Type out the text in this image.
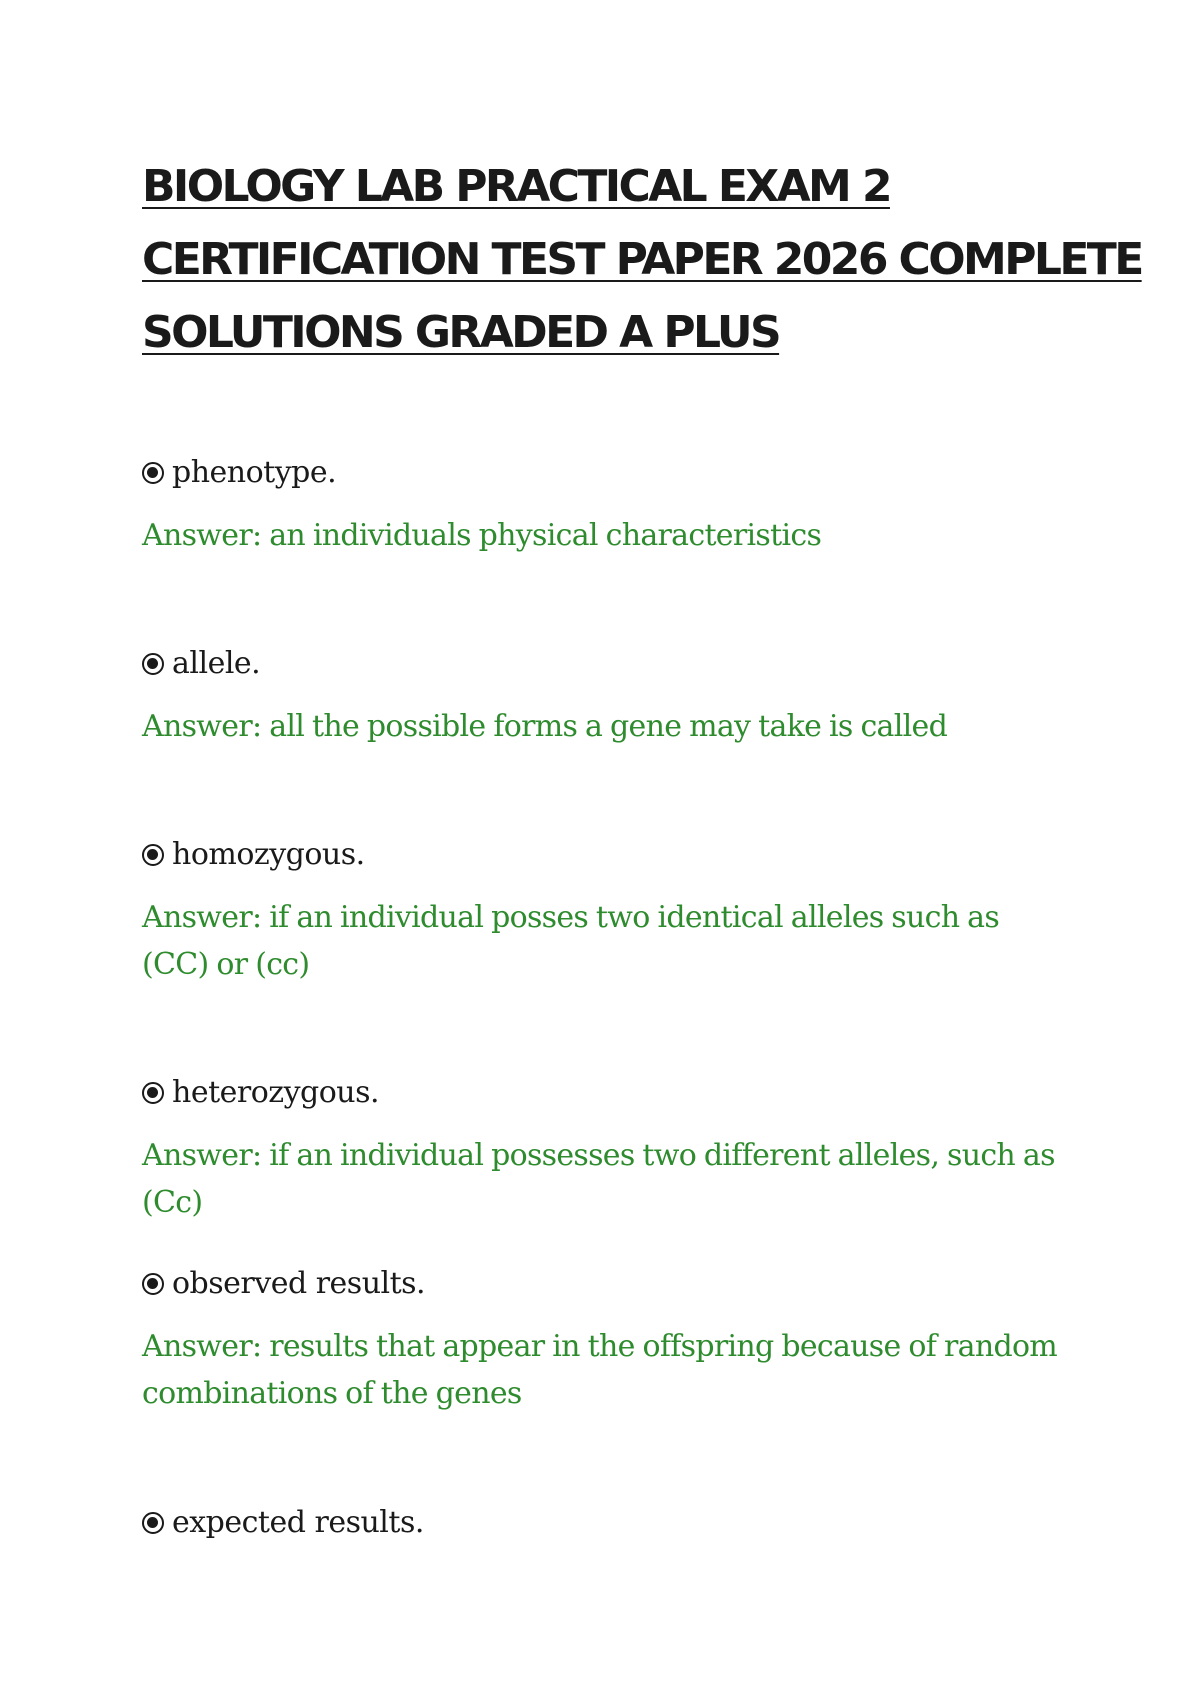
BIOLOGY LAB PRACTICAL EXAM 2
CERTIFICATION TEST PAPER 2026 COMPLETE
SOLUTIONS GRADED A PLUS
phenotype.
Answer: an individuals physical characteristics
allele.
Answer: all the possible forms a gene may take is called
homozygous.
Answer: if an individual posses two identical alleles such as (CC) or (cc)
heterozygous.
Answer: if an individual possesses two different alleles, such as (Cc)
observed results.
Answer: results that appear in the offspring because of random combinations of the genes
expected results.
